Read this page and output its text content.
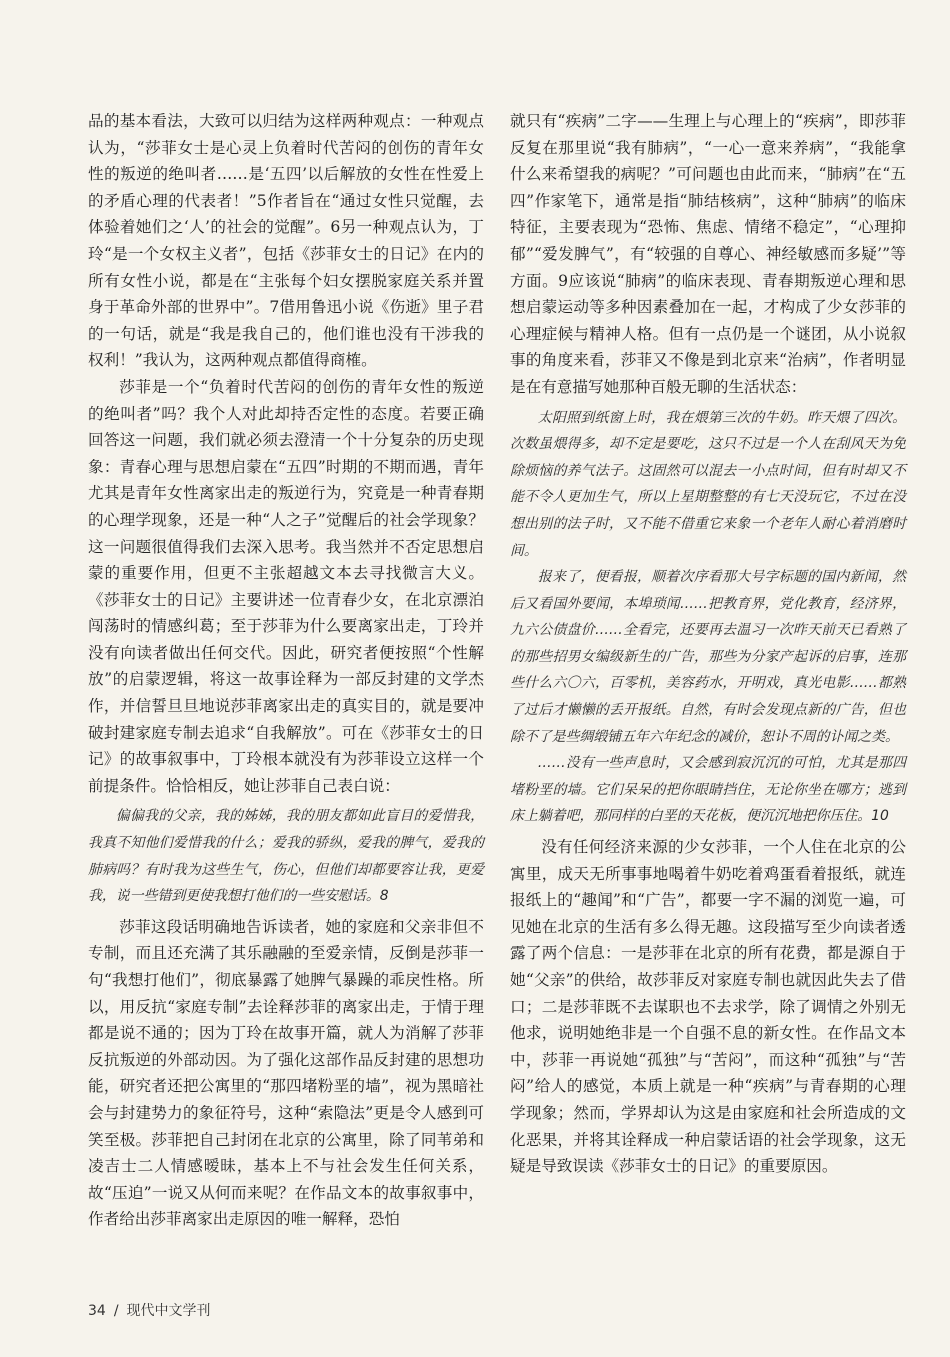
品的基本看法，大致可以归结为这样两种观点：一种观点认为，“莎菲女士是心灵上负着时代苦闷的创伤的青年女性的叛逆的绝叫者……是‘五四’以后解放的女性在性爱上的矛盾心理的代表者！”5作者旨在“通过女性只觉醒，去体验着她们之‘人’的社会的觉醒”。6另一种观点认为，丁玲“是一个女权主义者”，包括《莎菲女士的日记》在内的所有女性小说，都是在“主张每个妇女摆脱家庭关系并置身于革命外部的世界中”。7借用鲁迅小说《伤逝》里子君的一句话，就是“我是我自己的，他们谁也没有干涉我的权利！”我认为，这两种观点都值得商榷。

莎菲是一个“负着时代苦闷的创伤的青年女性的叛逆的绝叫者”吗？我个人对此却持否定性的态度。若要正确回答这一问题，我们就必须去澄清一个十分复杂的历史现象：青春心理与思想启蒙在“五四”时期的不期而遇，青年尤其是青年女性离家出走的叛逆行为，究竟是一种青春期的心理学现象，还是一种“人之子”觉醒后的社会学现象？这一问题很值得我们去深入思考。我当然并不否定思想启蒙的重要作用，但更不主张超越文本去寻找微言大义。《莎菲女士的日记》主要讲述一位青春少女，在北京漂泊闯荡时的情感纠葛；至于莎菲为什么要离家出走，丁玲并没有向读者做出任何交代。因此，研究者便按照“个性解放”的启蒙逻辑，将这一故事诠释为一部反封建的文学杰作，并信誓旦旦地说莎菲离家出走的真实目的，就是要冲破封建家庭专制去追求“自我解放”。可在《莎菲女士的日记》的故事叙事中，丁玲根本就没有为莎菲设立这样一个前提条件。恰恰相反，她让莎菲自己表白说：

偏偏我的父亲，我的姊姊，我的朋友都如此盲目的爱惜我，我真不知他们爱惜我的什么；爱我的骄纵，爱我的脾气，爱我的肺病吗？有时我为这些生气，伤心，但他们却都要容让我，更爱我，说一些错到更使我想打他们的一些安慰话。8

莎菲这段话明确地告诉读者，她的家庭和父亲非但不专制，而且还充满了其乐融融的至爱亲情，反倒是莎菲一句“我想打他们”，彻底暴露了她脾气暴躁的乖戾性格。所以，用反抗“家庭专制”去诠释莎菲的离家出走，于情于理都是说不通的；因为丁玲在故事开篇，就人为消解了莎菲反抗叛逆的外部动因。为了强化这部作品反封建的思想功能，研究者还把公寓里的“那四堵粉垩的墙”，视为黑暗社会与封建势力的象征符号，这种“索隐法”更是令人感到可笑至极。莎菲把自己封闭在北京的公寓里，除了同苇弟和凌吉士二人情感暧昧，基本上不与社会发生任何关系，故“压迫”一说又从何而来呢？在作品文本的故事叙事中，作者给出莎菲离家出走原因的唯一解释，恐怕

就只有“疾病”二字——生理上与心理上的“疾病”，即莎菲反复在那里说“我有肺病”，“一心一意来养病”，“我能拿什么来希望我的病呢？”可问题也由此而来，“肺病”在“五四”作家笔下，通常是指“肺结核病”，这种“肺病”的临床特征，主要表现为“恐怖、焦虑、情绪不稳定”，“心理抑郁”“爱发脾气”，有“较强的自尊心、神经敏感而多疑’”等方面。9应该说“肺病”的临床表现、青春期叛逆心理和思想启蒙运动等多种因素叠加在一起，才构成了少女莎菲的心理症候与精神人格。但有一点仍是一个谜团，从小说叙事的角度来看，莎菲又不像是到北京来“治病”，作者明显是在有意描写她那种百般无聊的生活状态：

太阳照到纸窗上时，我在煨第三次的牛奶。昨天煨了四次。次数虽煨得多，却不定是要吃，这只不过是一个人在刮风天为免除烦恼的养气法子。这固然可以混去一小点时间，但有时却又不能不令人更加生气，所以上星期整整的有七天没玩它，不过在没想出别的法子时，又不能不借重它来象一个老年人耐心着消磨时间。

报来了，便看报，顺着次序看那大号字标题的国内新闻，然后又看国外要闻，本埠琐闻……把教育界，党化教育，经济界，九六公债盘价……全看完，还要再去温习一次昨天前天已看熟了的那些招男女编级新生的广告，那些为分家产起诉的启事，连那些什么六〇六，百零机，美容药水，开明戏，真光电影……都熟了过后才懒懒的丢开报纸。自然，有时会发现点新的广告，但也除不了是些绸缎铺五年六年纪念的减价，恕讣不周的讣闻之类。

……没有一些声息时，又会感到寂沉沉的可怕，尤其是那四堵粉垩的墙。它们呆呆的把你眼睛挡住，无论你坐在哪方；逃到床上躺着吧，那同样的白垩的天花板，便沉沉地把你压住。10

没有任何经济来源的少女莎菲，一个人住在北京的公寓里，成天无所事事地喝着牛奶吃着鸡蛋看着报纸，就连报纸上的“趣闻”和“广告”，都要一字不漏的浏览一遍，可见她在北京的生活有多么得无趣。这段描写至少向读者透露了两个信息：一是莎菲在北京的所有花费，都是源自于她“父亲”的供给，故莎菲反对家庭专制也就因此失去了借口；二是莎菲既不去谋职也不去求学，除了调情之外别无他求，说明她绝非是一个自强不息的新女性。在作品文本中，莎菲一再说她“孤独”与“苦闷”，而这种“孤独”与“苦闷”给人的感觉，本质上就是一种“疾病”与青春期的心理学现象；然而，学界却认为这是由家庭和社会所造成的文化恶果，并将其诠释成一种启蒙话语的社会学现象，这无疑是导致误读《莎菲女士的日记》的重要原因。

34 / 现代中文学刊
